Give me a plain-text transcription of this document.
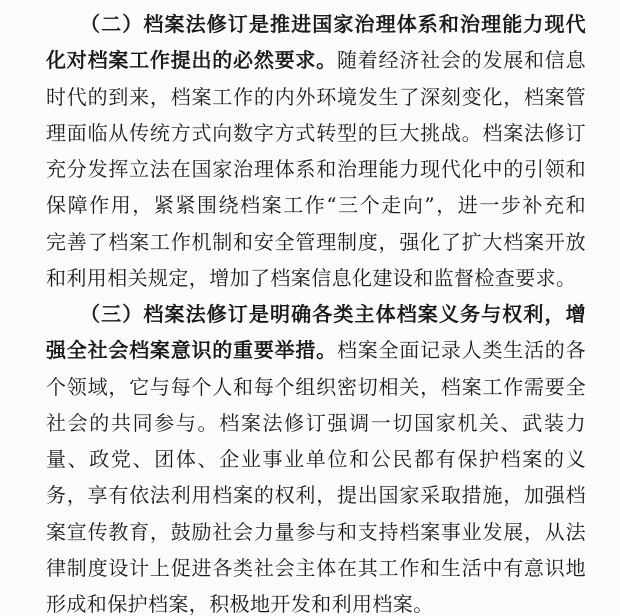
（二）档案法修订是推进国家治理体系和治理能力现代
化对档案工作提出的必然要求。随着经济社会的发展和信息
时代的到来，档案工作的内外环境发生了深刻变化，档案管
理面临从传统方式向数字方式转型的巨大挑战。档案法修订
充分发挥立法在国家治理体系和治理能力现代化中的引领和
保障作用，紧紧围绕档案工作“三个走向”，进一步补充和
完善了档案工作机制和安全管理制度，强化了扩大档案开放
和利用相关规定，增加了档案信息化建设和监督检查要求。
（三）档案法修订是明确各类主体档案义务与权利，增
强全社会档案意识的重要举措。档案全面记录人类生活的各
个领域，它与每个人和每个组织密切相关，档案工作需要全
社会的共同参与。档案法修订强调一切国家机关、武装力
量、政党、团体、企业事业单位和公民都有保护档案的义
务，享有依法利用档案的权利，提出国家采取措施，加强档
案宣传教育，鼓励社会力量参与和支持档案事业发展，从法
律制度设计上促进各类社会主体在其工作和生活中有意识地
形成和保护档案，积极地开发和利用档案。
